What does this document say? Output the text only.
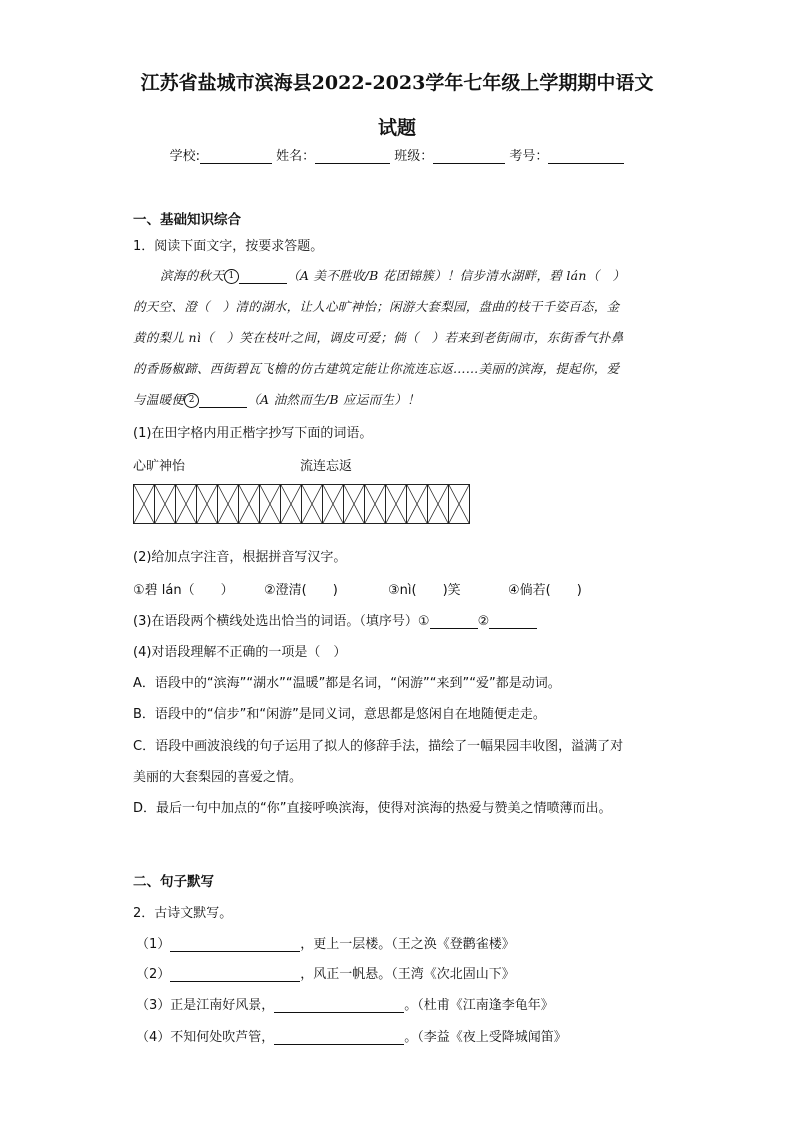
江苏省盐城市滨海县2022-2023学年七年级上学期期中语文
试题
学校:	姓名：	班级：	考号：
一、基础知识综合
1．阅读下面文字，按要求答题。
滨海的秋天 1	（A 美不胜收/B 花团锦簇）！信步清水湖畔，碧 lán（　）
的天空、澄（　）清的湖水，让人心旷神怡；闲游大套梨园，盘曲的枝干千姿百态，金
黄的梨儿 nì（　）笑在枝叶之间，调皮可爱；倘（　）若来到老街闹市，东街香气扑鼻
的香肠椒蹄、西街碧瓦飞檐的仿古建筑定能让你流连忘返……美丽的滨海，提起你，爱
与温暖便 2	（A 油然而生/B 应运而生）！
(1)在田字格内用正楷字抄写下面的词语。
心旷神怡	流连忘返
(2)给加点字注音，根据拼音写汉字。
①碧 lán（　　） ②澄清(　　)	③nì(　　)笑	④倘若(　　)
(3)在语段两个横线处选出恰当的词语。（填序号）①	②
(4)对语段理解不正确的一项是（　）
A．语段中的“滨海”“湖水”“温暖”都是名词，“闲游”“来到”“爱”都是动词。
B．语段中的“信步”和“闲游”是同义词，意思都是悠闲自在地随便走走。
C．语段中画波浪线的句子运用了拟人的修辞手法，描绘了一幅果园丰收图，溢满了对
美丽的大套梨园的喜爱之情。
D．最后一句中加点的“你”直接呼唤滨海，使得对滨海的热爱与赞美之情喷薄而出。
二、句子默写
2．古诗文默写。
（1）	，更上一层楼。（王之涣《登鹳雀楼》
（2）	，风正一帆悬。（王湾《次北固山下》
（3）正是江南好风景，	。（杜甫《江南逢李龟年》
（4）不知何处吹芦管，	。（李益《夜上受降城闻笛》
